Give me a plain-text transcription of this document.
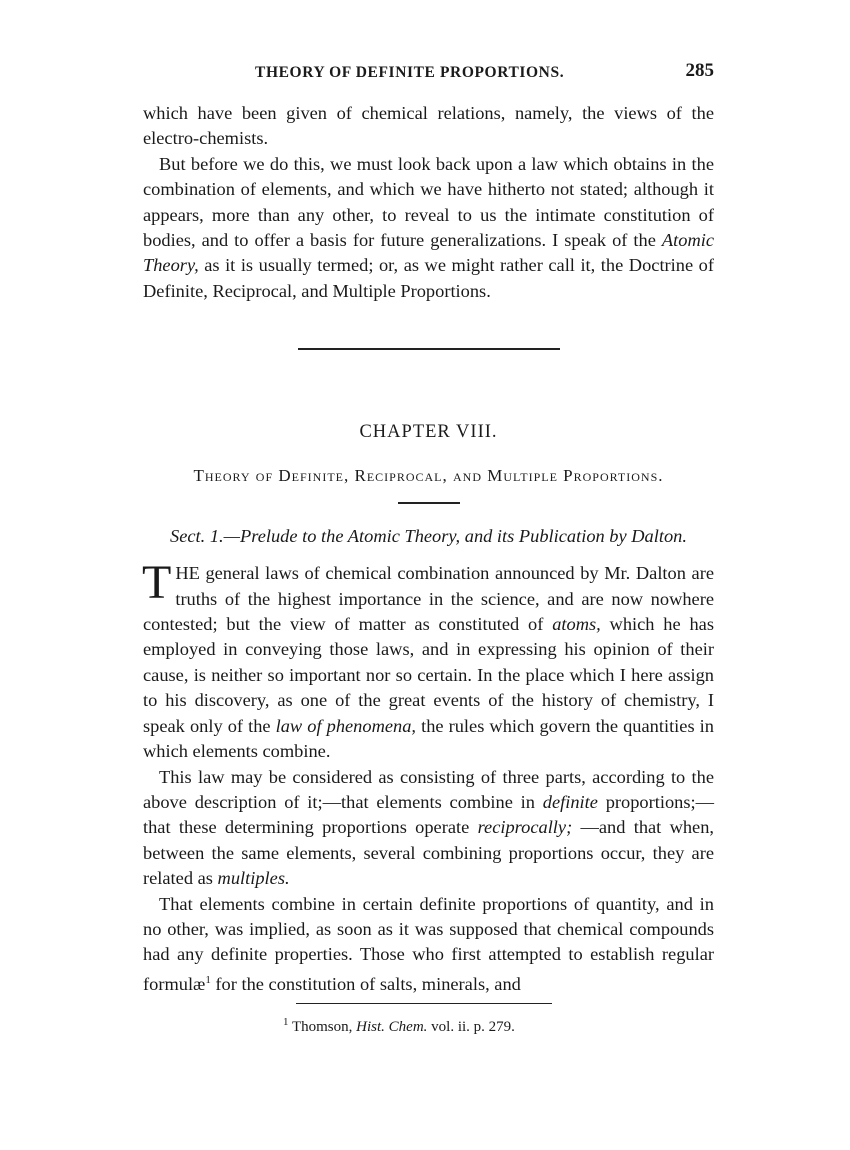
THEORY OF DEFINITE PROPORTIONS.	285

which have been given of chemical relations, namely, the views of the electro-chemists.

But before we do this, we must look back upon a law which obtains in the combination of elements, and which we have hitherto not stated; although it appears, more than any other, to reveal to us the intimate constitution of bodies, and to offer a basis for future generalizations. I speak of the Atomic Theory, as it is usually termed; or, as we might rather call it, the Doctrine of Definite, Reciprocal, and Multiple Proportions.

CHAPTER VIII.
Theory of Definite, Reciprocal, and Multiple Proportions.
Sect. 1.—Prelude to the Atomic Theory, and its Publication by Dalton.

THE general laws of chemical combination announced by Mr. Dalton are truths of the highest importance in the science, and are now nowhere contested; but the view of matter as constituted of atoms, which he has employed in conveying those laws, and in expressing his opinion of their cause, is neither so important nor so certain. In the place which I here assign to his discovery, as one of the great events of the history of chemistry, I speak only of the law of phenomena, the rules which govern the quantities in which elements combine.

This law may be considered as consisting of three parts, according to the above description of it;—that elements combine in definite proportions;—that these determining proportions operate reciprocally; —and that when, between the same elements, several combining proportions occur, they are related as multiples.

That elements combine in certain definite proportions of quantity, and in no other, was implied, as soon as it was supposed that chemical compounds had any definite properties. Those who first attempted to establish regular formulæ$^1$ for the constitution of salts, minerals, and

$^1$ Thomson, Hist. Chem. vol. ii. p. 279.
